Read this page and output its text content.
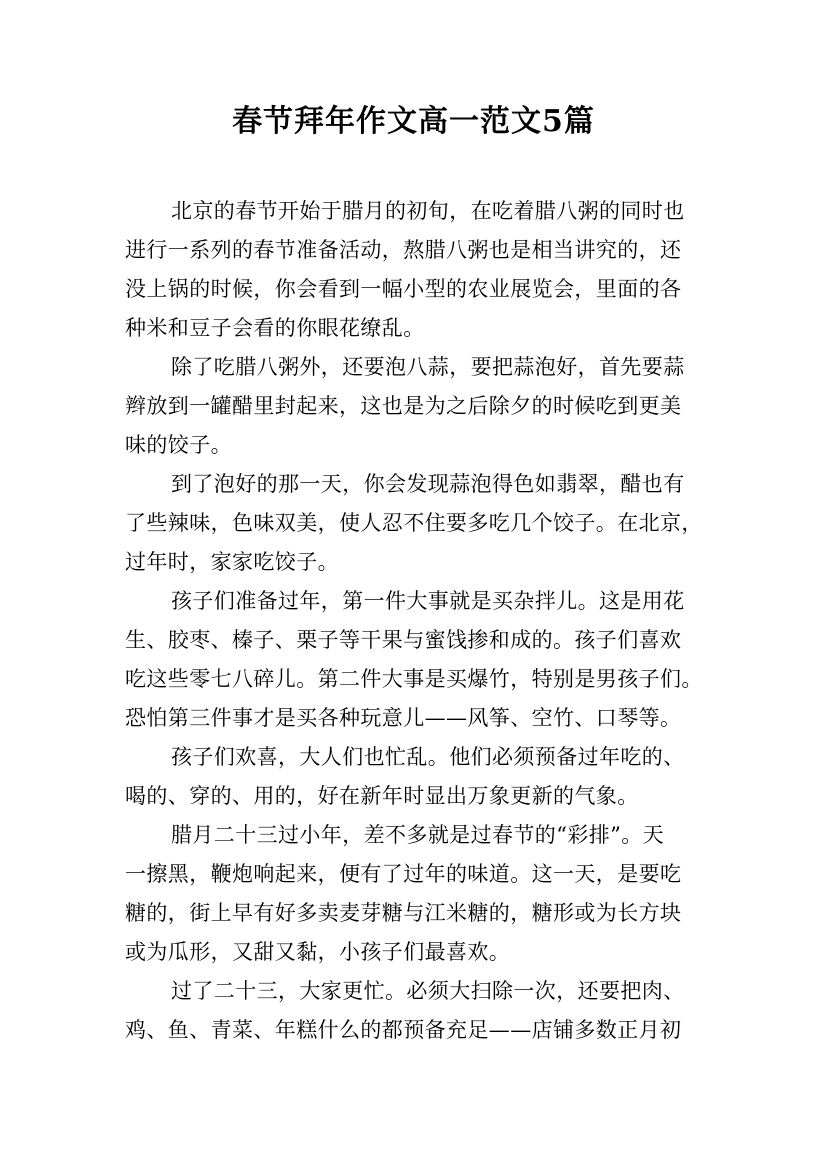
春节拜年作文高一范文5篇

北京的春节开始于腊月的初旬，在吃着腊八粥的同时也
进行一系列的春节准备活动，熬腊八粥也是相当讲究的，还
没上锅的时候，你会看到一幅小型的农业展览会，里面的各
种米和豆子会看的你眼花缭乱。

除了吃腊八粥外，还要泡八蒜，要把蒜泡好，首先要蒜
辫放到一罐醋里封起来，这也是为之后除夕的时候吃到更美
味的饺子。

到了泡好的那一天，你会发现蒜泡得色如翡翠，醋也有
了些辣味，色味双美，使人忍不住要多吃几个饺子。在北京，
过年时，家家吃饺子。

孩子们准备过年，第一件大事就是买杂拌儿。这是用花
生、胶枣、榛子、栗子等干果与蜜饯掺和成的。孩子们喜欢
吃这些零七八碎儿。第二件大事是买爆竹，特别是男孩子们。
恐怕第三件事才是买各种玩意儿——风筝、空竹、口琴等。

孩子们欢喜，大人们也忙乱。他们必须预备过年吃的、
喝的、穿的、用的，好在新年时显出万象更新的气象。

腊月二十三过小年，差不多就是过春节的“彩排”。天
一擦黑，鞭炮响起来，便有了过年的味道。这一天，是要吃
糖的，街上早有好多卖麦芽糖与江米糖的，糖形或为长方块
或为瓜形，又甜又黏，小孩子们最喜欢。

过了二十三，大家更忙。必须大扫除一次，还要把肉、
鸡、鱼、青菜、年糕什么的都预备充足——店铺多数正月初
